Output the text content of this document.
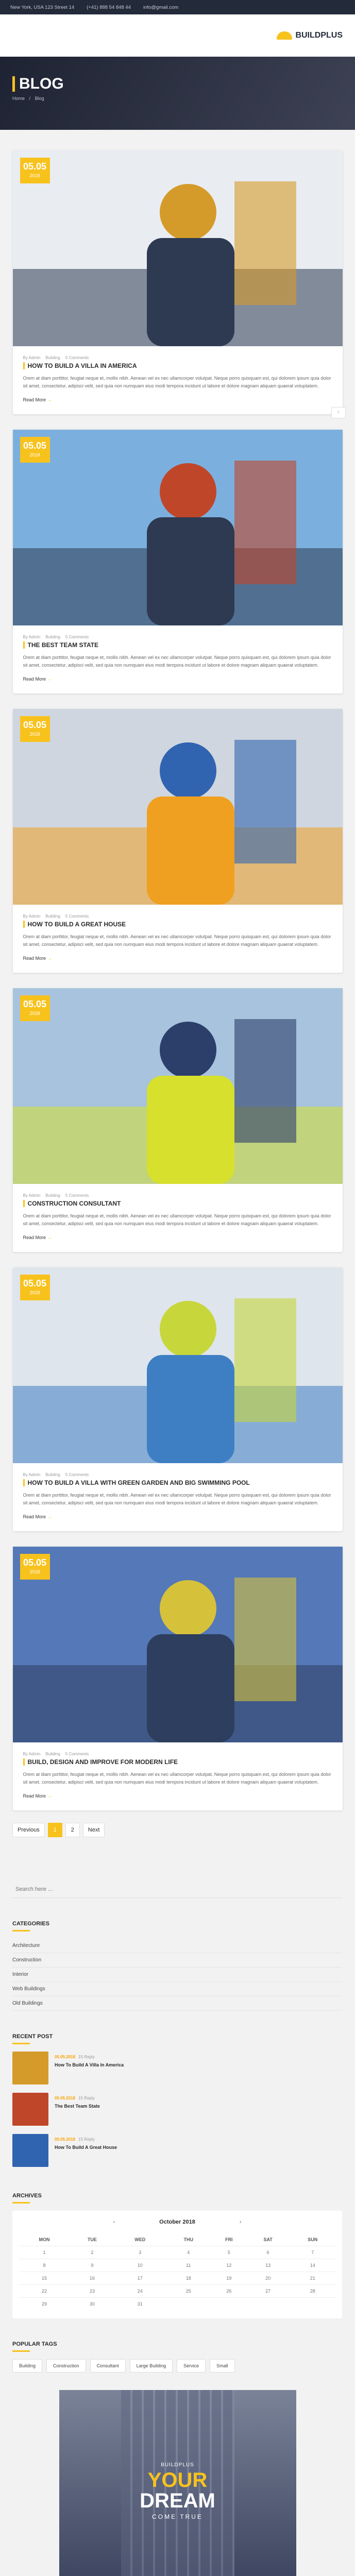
New York, USA 123 Street 14	(+41) 888 54 848 44	info@gmail.com
BUILDPLUS
BLOG
Home / Blog
05.05
2018
By Admin Building 5 Comments
HOW TO BUILD A VILLA IN AMERICA

Orem at diam porttitor, feugiat neque et, mollis nibh. Aenean vel ex nec ullamcorper volutpat. Neque porro quisquam est, qui dolorem ipsum quia dolor sit amet, consectetur, adipisci velit, sed quia non numquam eius modi tempora incidunt ut labore et dolore magnam aliquam quaerat voluptatem.

Read More →
↑
05.05
2018
By Admin Building 5 Comments
THE BEST TEAM STATE

Orem at diam porttitor, feugiat neque et, mollis nibh. Aenean vel ex nec ullamcorper volutpat. Neque porro quisquam est, qui dolorem ipsum quia dolor sit amet, consectetur, adipisci velit, sed quia non numquam eius modi tempora incidunt ut labore et dolore magnam aliquam quaerat voluptatem.

Read More →
05.05
2018
By Admin Building 5 Comments
HOW TO BUILD A GREAT HOUSE

Orem at diam porttitor, feugiat neque et, mollis nibh. Aenean vel ex nec ullamcorper volutpat. Neque porro quisquam est, qui dolorem ipsum quia dolor sit amet, consectetur, adipisci velit, sed quia non numquam eius modi tempora incidunt ut labore et dolore magnam aliquam quaerat voluptatem.

Read More →
05.05
2018
By Admin Building 5 Comments
CONSTRUCTION CONSULTANT

Orem at diam porttitor, feugiat neque et, mollis nibh. Aenean vel ex nec ullamcorper volutpat. Neque porro quisquam est, qui dolorem ipsum quia dolor sit amet, consectetur, adipisci velit, sed quia non numquam eius modi tempora incidunt ut labore et dolore magnam aliquam quaerat voluptatem.

Read More →
05.05
2018
By Admin Building 5 Comments
HOW TO BUILD A VILLA WITH GREEN GARDEN AND BIG SWIMMING POOL

Orem at diam porttitor, feugiat neque et, mollis nibh. Aenean vel ex nec ullamcorper volutpat. Neque porro quisquam est, qui dolorem ipsum quia dolor sit amet, consectetur, adipisci velit, sed quia non numquam eius modi tempora incidunt ut labore et dolore magnam aliquam quaerat voluptatem.

Read More →
05.05
2018
By Admin Building 5 Comments
BUILD, DESIGN AND IMPROVE FOR MODERN LIFE

Orem at diam porttitor, feugiat neque et, mollis nibh. Aenean vel ex nec ullamcorper volutpat. Neque porro quisquam est, qui dolorem ipsum quia dolor sit amet, consectetur, adipisci velit, sed quia non numquam eius modi tempora incidunt ut labore et dolore magnam aliquam quaerat voluptatem.

Read More →
Previous	1	2	Next
Search here ...
CATEGORIES
Architecture
Construction
Interior
Web Buildings
Old Buildings
RECENT POST
05.05.2018 15 Reply
How To Build A Villa In America
05.05.2018 15 Reply
The Best Team State
05.05.2018 15 Reply
How To Build A Great House
ARCHIVES
‹	October 2018	›
MON	TUE	WED	THU	FRI	SAT	SUN
1	2	3	4	5	6	7
8	9	10	11	12	13	14
15	16	17	18	19	20	21
22	23	24	25	26	27	28
29	30	31				
POPULAR TAGS
Building	Construction	Consultant	Large Building	Service	Small
BUILDPLUS
YOUR
DREAM
COME TRUE
